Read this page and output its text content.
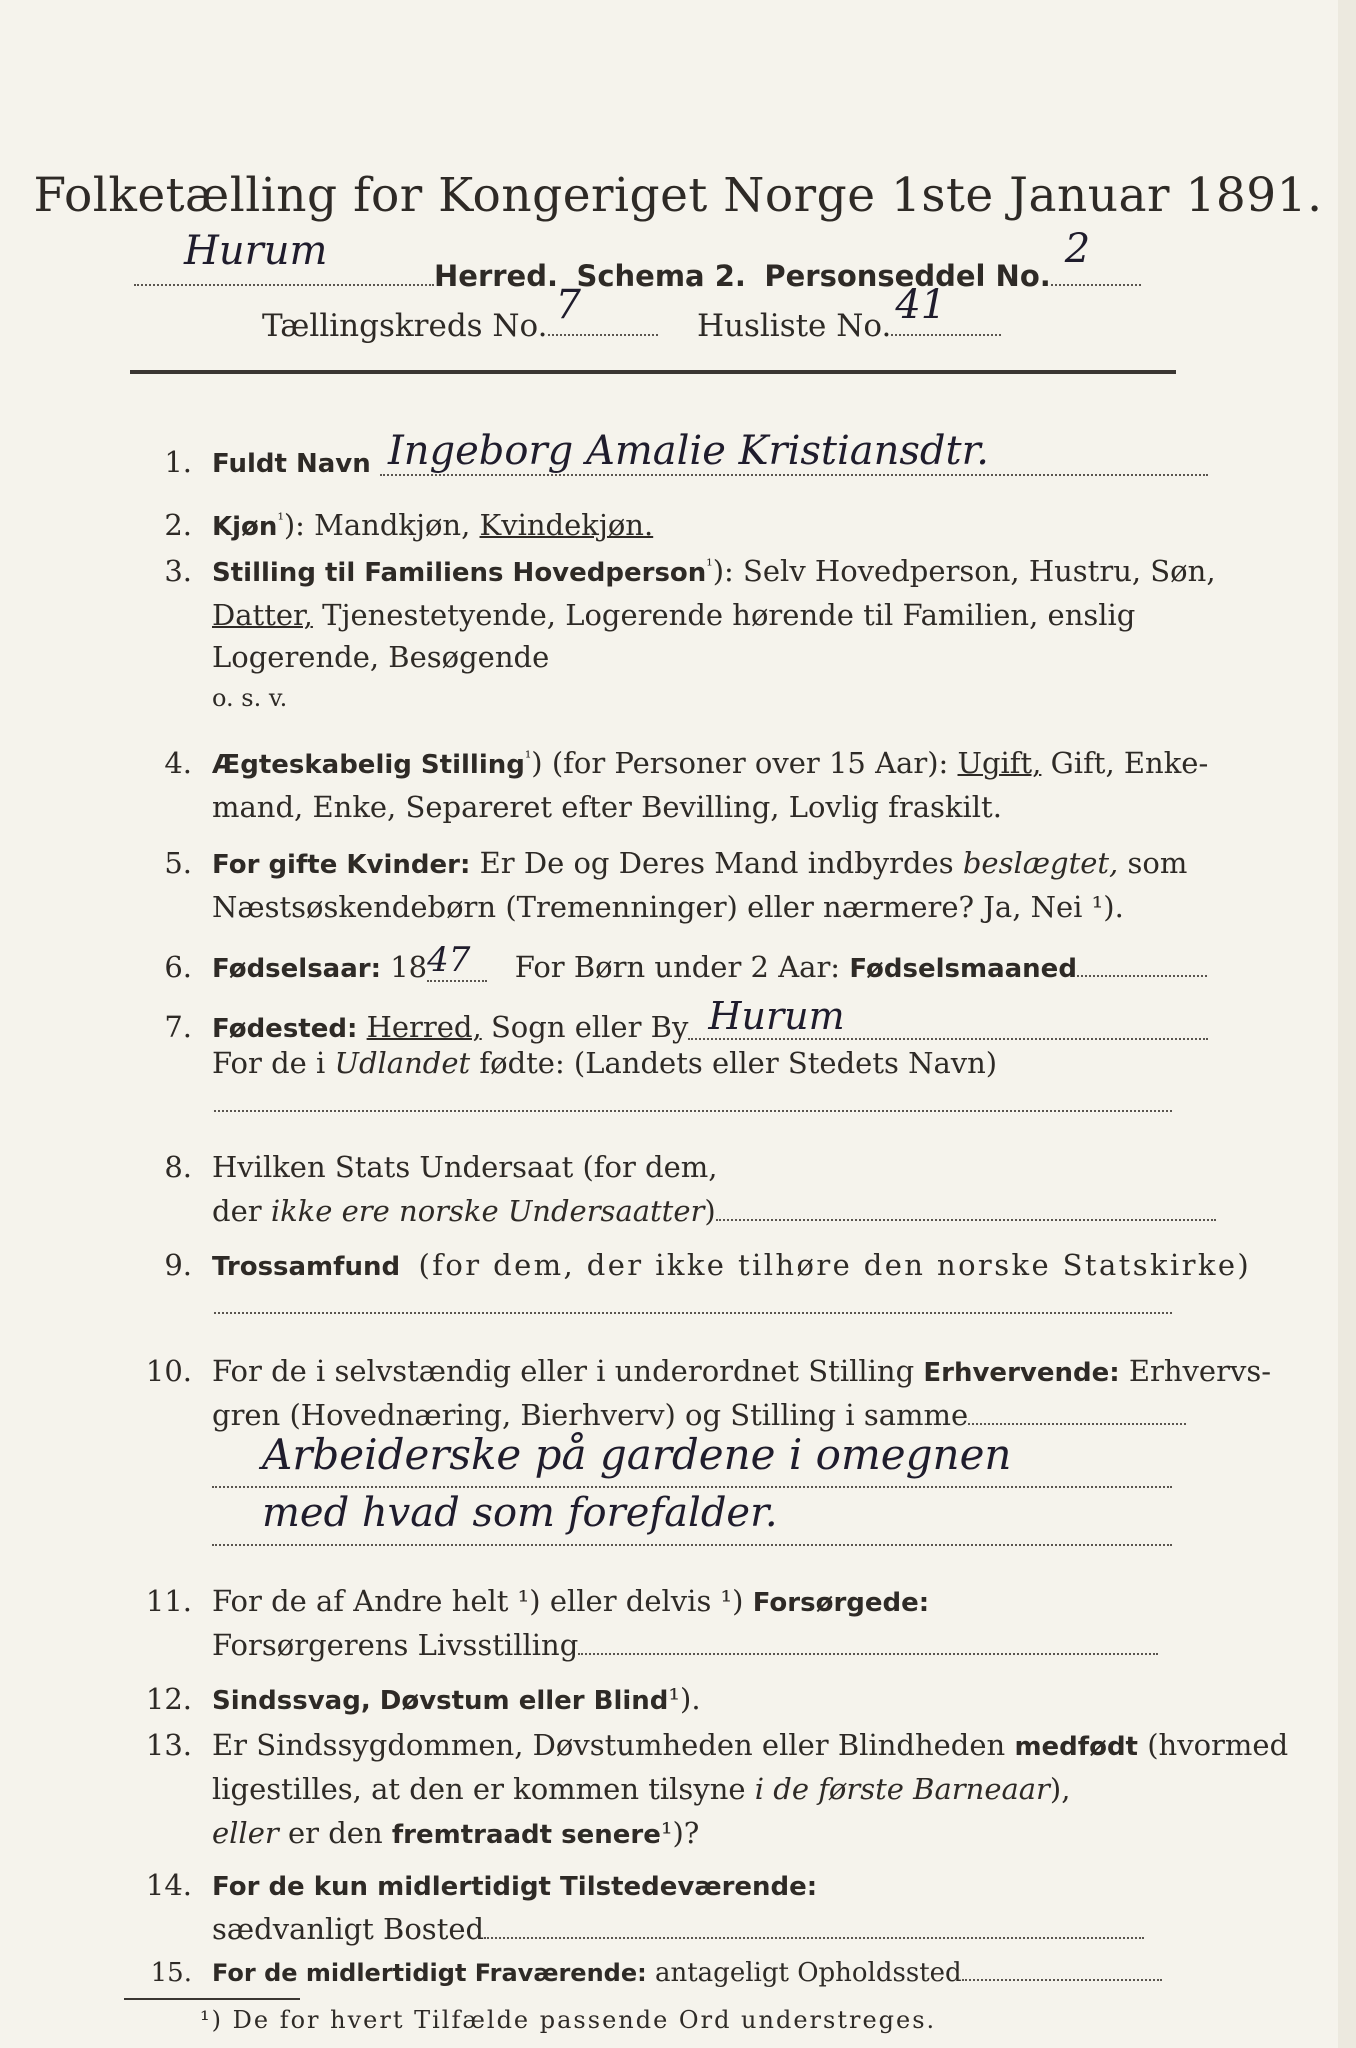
Folketælling for Kongeriget Norge 1ste Januar 1891.
Hurum
Herred. Schema 2. Personseddel No.
2
Tællingskreds No. 7	Husliste No. 41
1. Fuldt Navn Ingeborg Amalie Kristiansdtr.
2. Kjøn$^{^1}$): Mandkjøn, Kvindekjøn.
3. Stilling til Familiens Hovedperson$^{^1}$): Selv Hovedperson, Hustru, Søn,
Datter, Tjenestetyende, Logerende hørende til Familien, enslig
Logerende, Besøgende
o. s. v.
4. Ægteskabelig Stilling$^{^1}$) (for Personer over 15 Aar): Ugift, Gift, Enke-
mand, Enke, Separeret efter Bevilling, Lovlig fraskilt.
5. For gifte Kvinder: Er De og Deres Mand indbyrdes beslægtet, som
Næstsøskendebørn (Tremenninger) eller nærmere? Ja, Nei ¹).
6. Fødselsaar: 1847 For Børn under 2 Aar: Fødselsmaaned
7. Fødested: Herred, Sogn eller By Hurum
For de i Udlandet fødte: (Landets eller Stedets Navn)
8. Hvilken Stats Undersaat (for dem,
der ikke ere norske Undersaatter)
9. Trossamfund (for dem, der ikke tilhøre den norske Statskirke)
10. For de i selvstændig eller i underordnet Stilling Erhvervende: Erhvervs-
gren (Hovednæring, Bierhverv) og Stilling i samme
Arbeiderske på gardene i omegnen
med hvad som forefalder.
11. For de af Andre helt ¹) eller delvis ¹) Forsørgede:
Forsørgerens Livsstilling
12. Sindssvag, Døvstum eller Blind¹).
13. Er Sindssygdommen, Døvstumheden eller Blindheden medfødt (hvormed
ligestilles, at den er kommen tilsyne i de første Barneaar),
eller er den fremtraadt senere¹)?
14. For de kun midlertidigt Tilstedeværende:
sædvanligt Bosted
15. For de midlertidigt Fraværende: antageligt Opholdssted
¹) De for hvert Tilfælde passende Ord understreges.
